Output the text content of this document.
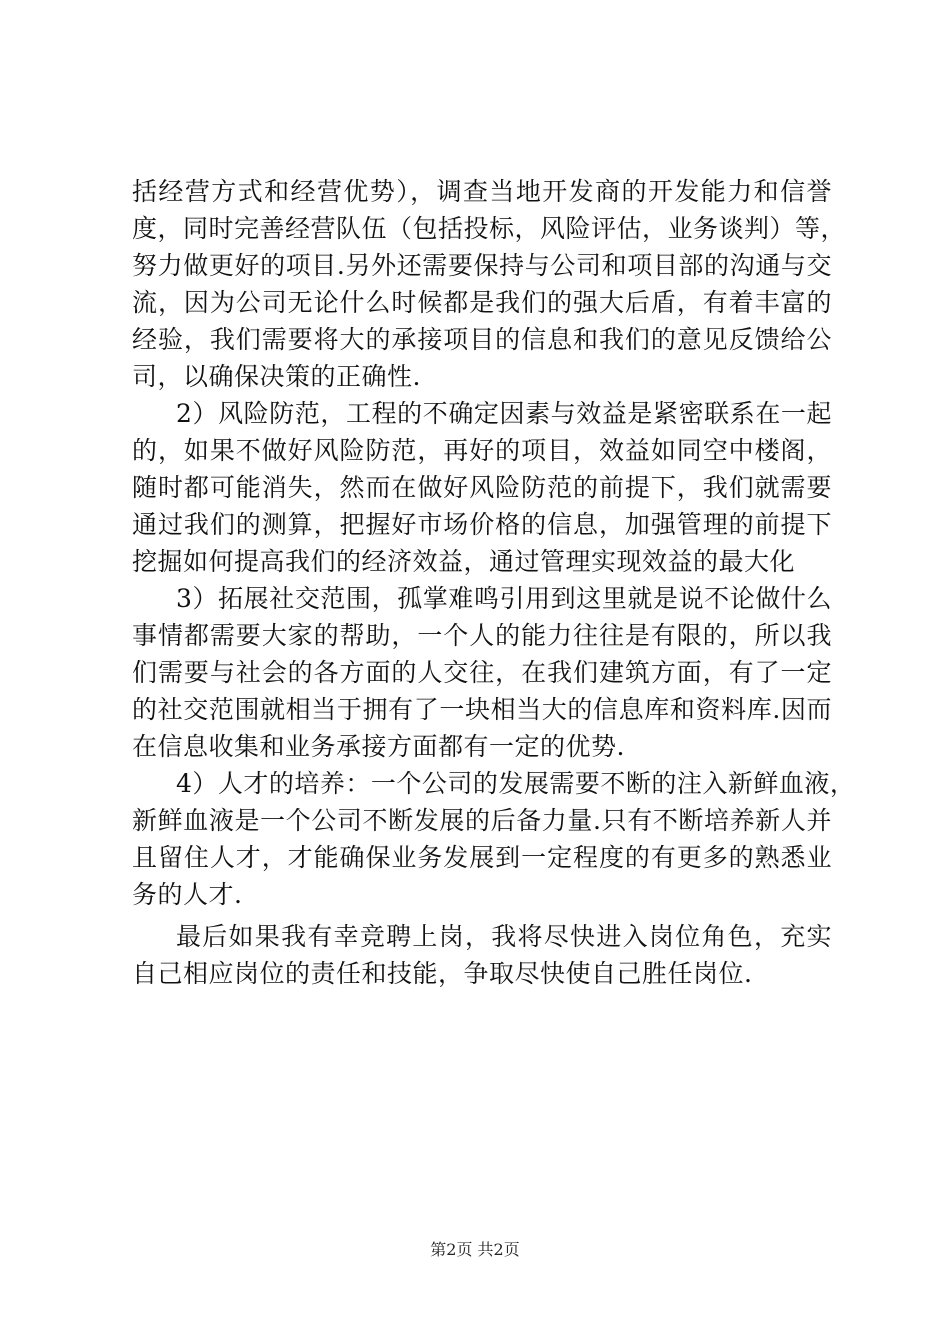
括经营方式和经营优势），调查当地开发商的开发能力和信誉
度，同时完善经营队伍（包括投标，风险评估，业务谈判）等，
努力做更好的项目.另外还需要保持与公司和项目部的沟通与交
流，因为公司无论什么时候都是我们的强大后盾，有着丰富的
经验，我们需要将大的承接项目的信息和我们的意见反馈给公
司，以确保决策的正确性.
2）风险防范，工程的不确定因素与效益是紧密联系在一起
的，如果不做好风险防范，再好的项目，效益如同空中楼阁，
随时都可能消失，然而在做好风险防范的前提下，我们就需要
通过我们的测算，把握好市场价格的信息，加强管理的前提下
挖掘如何提高我们的经济效益，通过管理实现效益的最大化
3）拓展社交范围，孤掌难鸣引用到这里就是说不论做什么
事情都需要大家的帮助，一个人的能力往往是有限的，所以我
们需要与社会的各方面的人交往，在我们建筑方面，有了一定
的社交范围就相当于拥有了一块相当大的信息库和资料库.因而
在信息收集和业务承接方面都有一定的优势.
4）人才的培养：一个公司的发展需要不断的注入新鲜血液，
新鲜血液是一个公司不断发展的后备力量.只有不断培养新人并
且留住人才，才能确保业务发展到一定程度的有更多的熟悉业
务的人才.
最后如果我有幸竞聘上岗，我将尽快进入岗位角色，充实
自己相应岗位的责任和技能，争取尽快使自己胜任岗位.
第2页 共2页
